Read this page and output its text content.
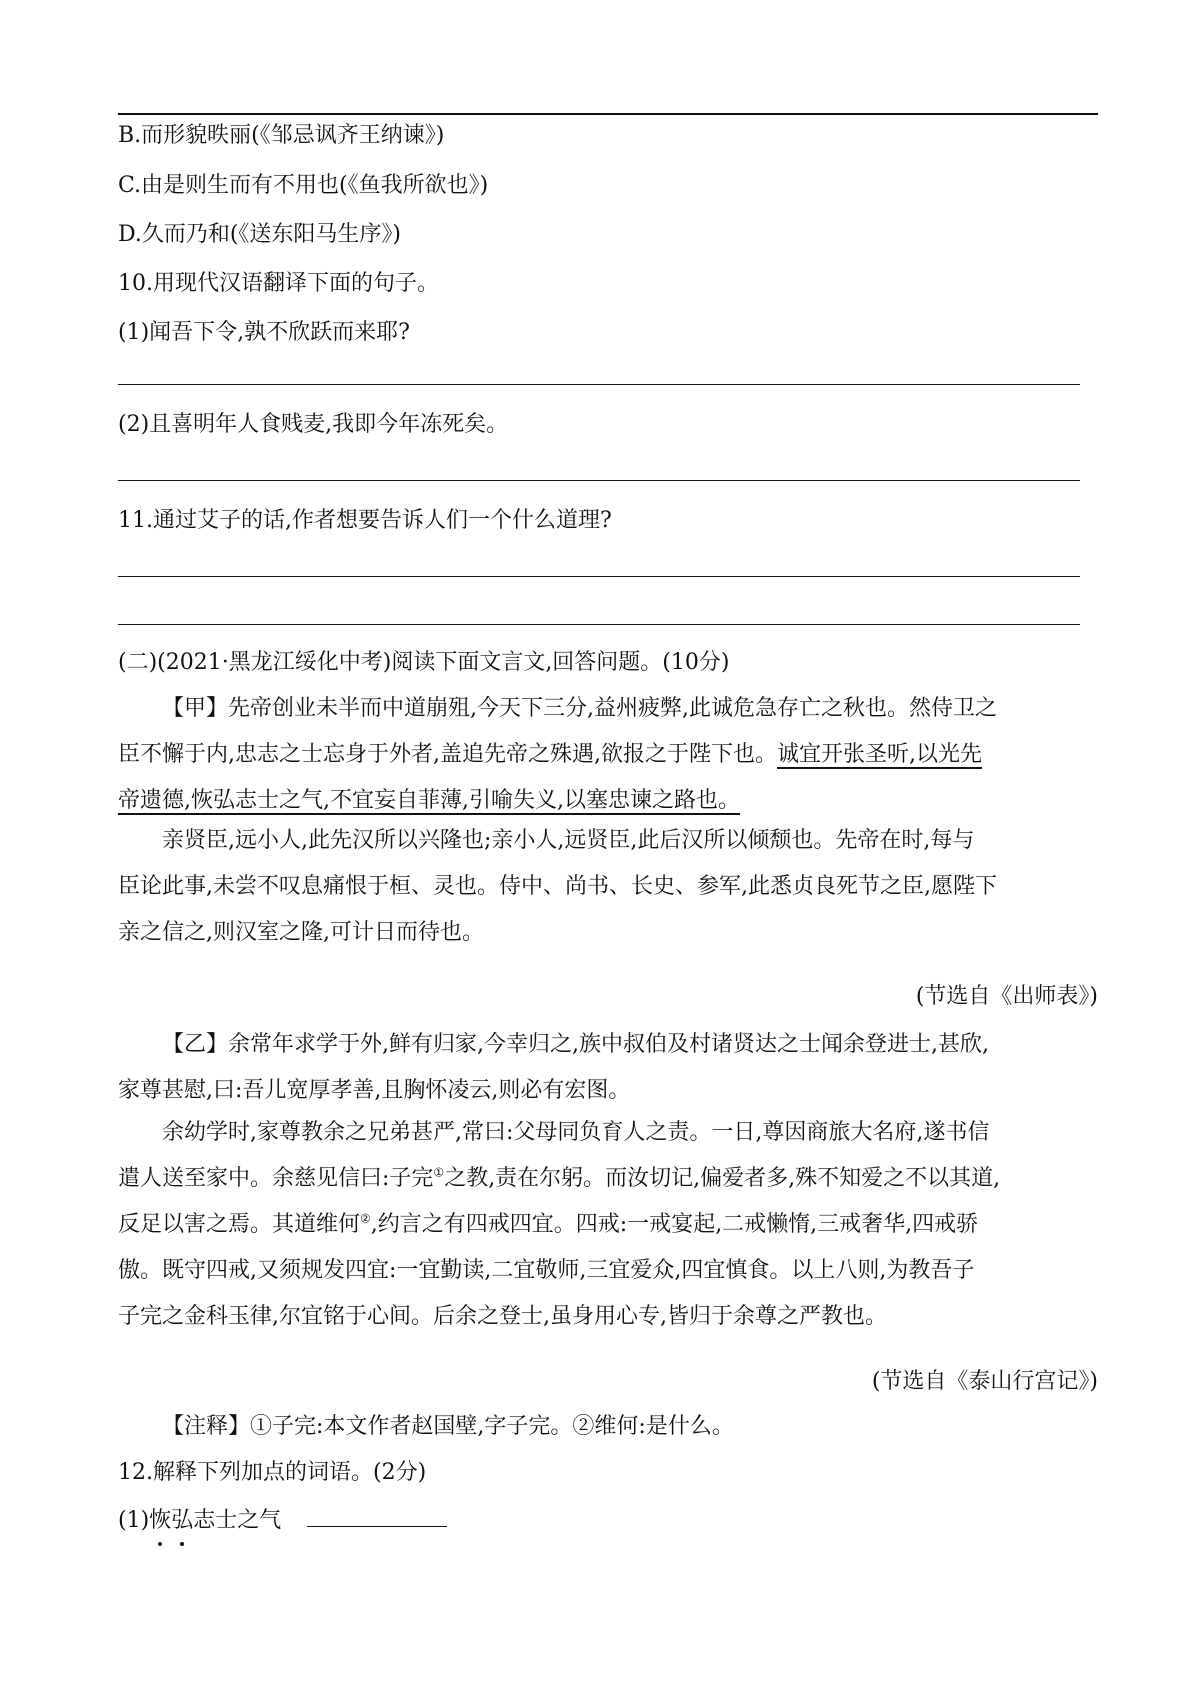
B.而形貌昳丽(《邹忌讽齐王纳谏》)
C.由是则生而有不用也(《鱼我所欲也》)
D.久而乃和(《送东阳马生序》)
10.用现代汉语翻译下面的句子。
(1)闻吾下令,孰不欣跃而来耶?
(2)且喜明年人食贱麦,我即今年冻死矣。
11.通过艾子的话,作者想要告诉人们一个什么道理?
(二)(2021·黑龙江绥化中考)阅读下面文言文,回答问题。(10分)
【甲】先帝创业未半而中道崩殂,今天下三分,益州疲弊,此诚危急存亡之秋也。然侍卫之
臣不懈于内,忠志之士忘身于外者,盖追先帝之殊遇,欲报之于陛下也。诚宜开张圣听,以光先
帝遗德,恢弘志士之气,不宜妄自菲薄,引喻失义,以塞忠谏之路也。
亲贤臣,远小人,此先汉所以兴隆也;亲小人,远贤臣,此后汉所以倾颓也。先帝在时,每与
臣论此事,未尝不叹息痛恨于桓、灵也。侍中、尚书、长史、参军,此悉贞良死节之臣,愿陛下
亲之信之,则汉室之隆,可计日而待也。
(节选自《出师表》)
【乙】余常年求学于外,鲜有归家,今幸归之,族中叔伯及村诸贤达之士闻余登进士,甚欣,
家尊甚慰,曰:吾儿宽厚孝善,且胸怀凌云,则必有宏图。
余幼学时,家尊教余之兄弟甚严,常曰:父母同负育人之责。一日,尊因商旅大名府,遂书信
遣人送至家中。余慈见信曰:子完①之教,责在尔躬。而汝切记,偏爱者多,殊不知爱之不以其道,
反足以害之焉。其道维何②,约言之有四戒四宜。四戒:一戒宴起,二戒懒惰,三戒奢华,四戒骄
傲。既守四戒,又须规发四宜:一宜勤读,二宜敬师,三宜爱众,四宜慎食。以上八则,为教吾子
子完之金科玉律,尔宜铭于心间。后余之登士,虽身用心专,皆归于余尊之严教也。
(节选自《泰山行宫记》)
【注释】①子完:本文作者赵国壁,字子完。②维何:是什么。
12.解释下列加点的词语。(2分)
(1)恢弘志士之气
